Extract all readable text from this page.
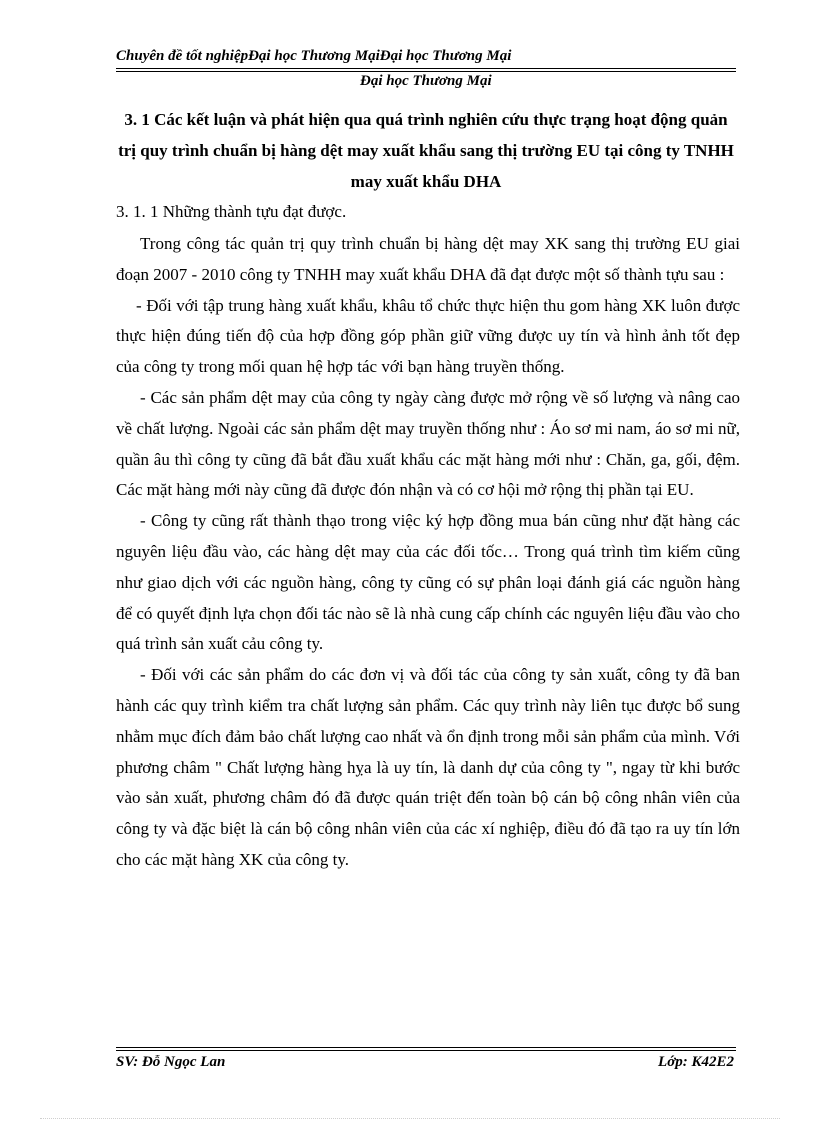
Chuyên đề tốt nghiệpĐại học Thương MạiĐại học Thương Mại
Đại học Thương Mại
3. 1 Các kết luận và phát hiện qua quá trình nghiên cứu thực trạng hoạt động quản trị quy trình chuẩn bị hàng dệt may xuất khẩu sang thị trường EU tại công ty TNHH may xuất khẩu DHA
3. 1. 1 Những thành tựu đạt được.

Trong công tác quản trị quy trình chuẩn bị hàng dệt may XK sang thị trường EU giai đoạn 2007 - 2010 công ty TNHH may xuất khẩu DHA đã đạt được một số thành tựu sau :

- Đối với tập trung hàng xuất khẩu, khâu tổ chức thực hiện thu gom hàng XK luôn được thực hiện đúng tiến độ của hợp đồng góp phần giữ vững được uy tín và hình ảnh tốt đẹp của công ty trong mối quan hệ hợp tác với bạn hàng truyền thống.

- Các sản phẩm dệt may của công ty ngày càng được mở rộng về số lượng và nâng cao về chất lượng. Ngoài các sản phẩm dệt may truyền thống như : Áo sơ mi nam, áo sơ mi nữ, quần âu thì công ty cũng đã bắt đầu xuất khẩu các mặt hàng mới như : Chăn, ga, gối, đệm. Các mặt hàng mới này cũng đã được đón nhận và có cơ hội mở rộng thị phần tại EU.

- Công ty cũng rất thành thạo trong việc ký hợp đồng mua bán cũng như đặt hàng các nguyên liệu đầu vào, các hàng dệt may của các đối tốc… Trong quá trình tìm kiếm cũng như giao dịch với các nguồn hàng, công ty cũng có sự phân loại đánh giá các nguồn hàng để có quyết định lựa chọn đối tác nào sẽ là nhà cung cấp chính các nguyên liệu đầu vào cho quá trình sản xuất cảu công ty.

- Đối với các sản phẩm do các đơn vị và đối tác của công ty sản xuất, công ty đã ban hành các quy trình kiểm tra chất lượng sản phẩm. Các quy trình này liên tục được bổ sung nhằm mục đích đảm bảo chất lượng cao nhất và ổn định trong mỗi sản phẩm của mình. Với phương châm " Chất lượng hàng hỵa là uy tín, là danh dự của công ty ", ngay từ khi bước vào sản xuất, phương châm đó đã được quán triệt đến toàn bộ cán bộ công nhân viên của công ty và đặc biệt là cán bộ công nhân viên của các xí nghiệp, điều đó đã tạo ra uy tín lớn cho các mặt hàng XK của công ty.

SV: Đỗ Ngọc Lan	Lớp: K42E2
